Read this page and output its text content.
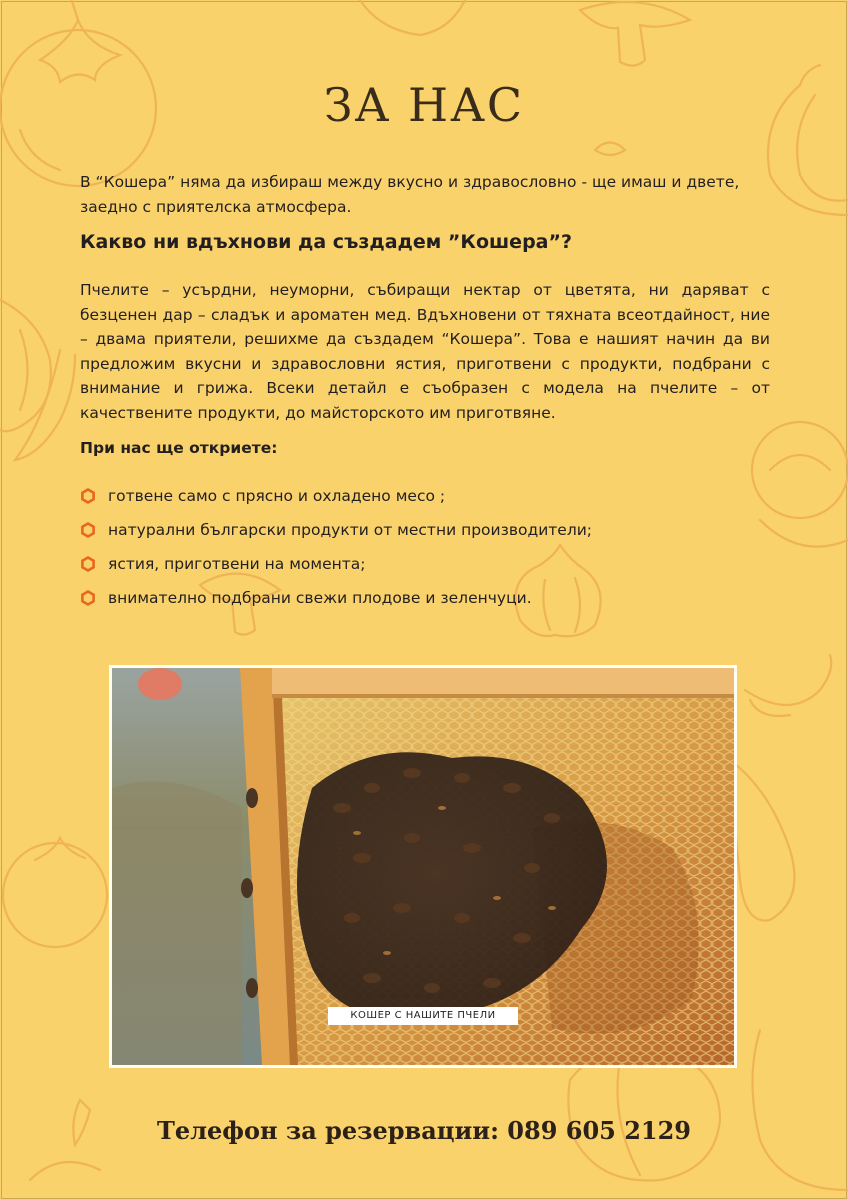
ЗА НАС

В “Кошера” няма да избираш между вкусно и здравословно - ще имаш и двете, заедно с приятелска атмосфера.

Какво ни вдъхнови да създадем ”Кошера”?

Пчелите – усърдни, неуморни, събиращи нектар от цветята, ни даряват с безценен дар – сладък и ароматен мед. Вдъхновени от тяхната всеотдайност, ние – двама приятели, решихме да създадем “Кошера”. Това е нашият начин да ви предложим вкусни и здравословни ястия, приготвени с продукти, подбрани с внимание и грижа. Всеки детайл е съобразен с модела на пчелите – от качествените продукти, до майсторското им приготвяне.

При нас ще откриете:

готвене само с прясно и охладено месо ;
натурални български продукти от местни производители;
ястия, приготвени на момента;
внимателно подбрани свежи плодове и зеленчуци.
КОШЕР С НАШИТЕ ПЧЕЛИ

Телефон за резервации: 089 605 2129
